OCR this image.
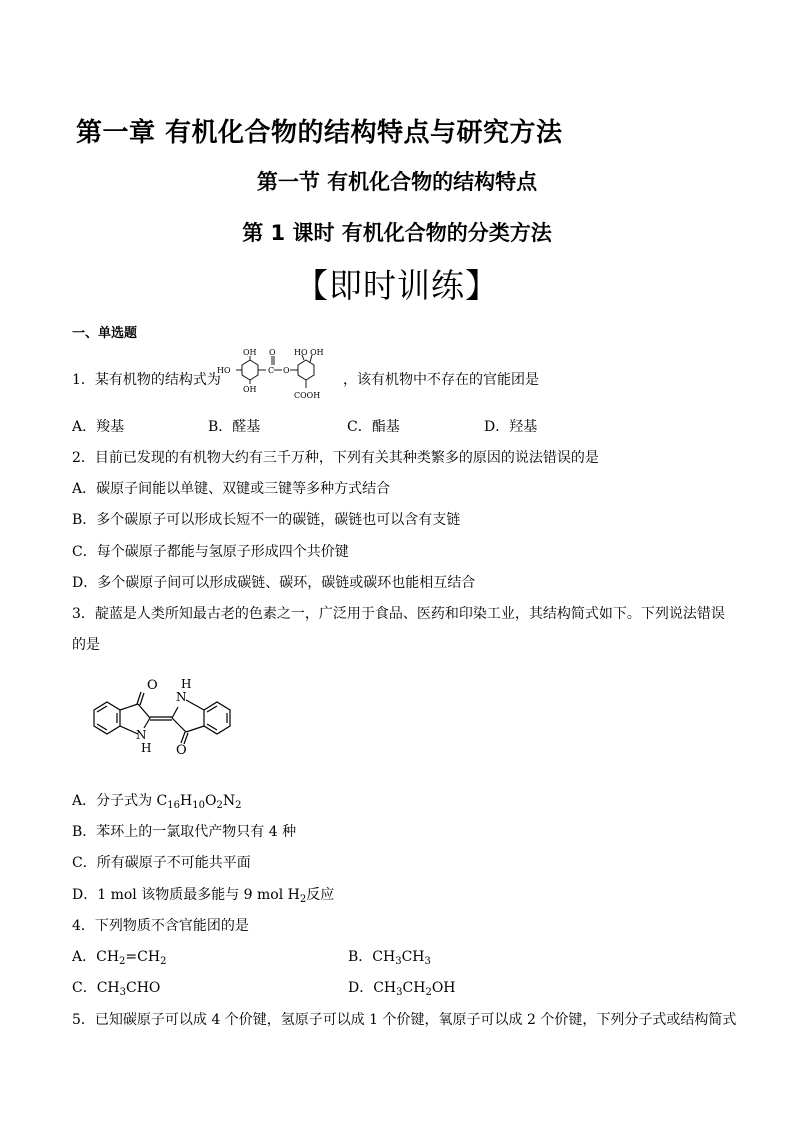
第一章 有机化合物的结构特点与研究方法
第一节 有机化合物的结构特点
第 1 课时 有机化合物的分类方法
【即时训练】
一、单选题
1．某有机物的结构式为
OH
HO
OH
C
O
O
HO OH
COOH
，该有机物中不存在的官能团是
A．羧基	B．醛基	C．酯基	D．羟基
2．目前已发现的有机物大约有三千万种，下列有关其种类繁多的原因的说法错误的是
A．碳原子间能以单键、双键或三键等多种方式结合
B．多个碳原子可以形成长短不一的碳链，碳链也可以含有支链
C．每个碳原子都能与氢原子形成四个共价键
D．多个碳原子间可以形成碳链、碳环，碳链或碳环也能相互结合
3．靛蓝是人类所知最古老的色素之一，广泛用于食品、医药和印染工业，其结构简式如下。下列说法错误
的是
O H
N
N
H O
A．分子式为 $C_{16}H_{10}O_2N_2$
B．苯环上的一氯取代产物只有 4 种
C．所有碳原子不可能共平面
D．1 mol 该物质最多能与 9 mol $H_2$反应
4．下列物质不含官能团的是
A．$CH_2=CH_2$	B．$CH_3CH_3$
C．$CH_3CHO$	D．$CH_3CH_2OH$
5．已知碳原子可以成 4 个价键，氢原子可以成 1 个价键，氧原子可以成 2 个价键，下列分子式或结构简式
